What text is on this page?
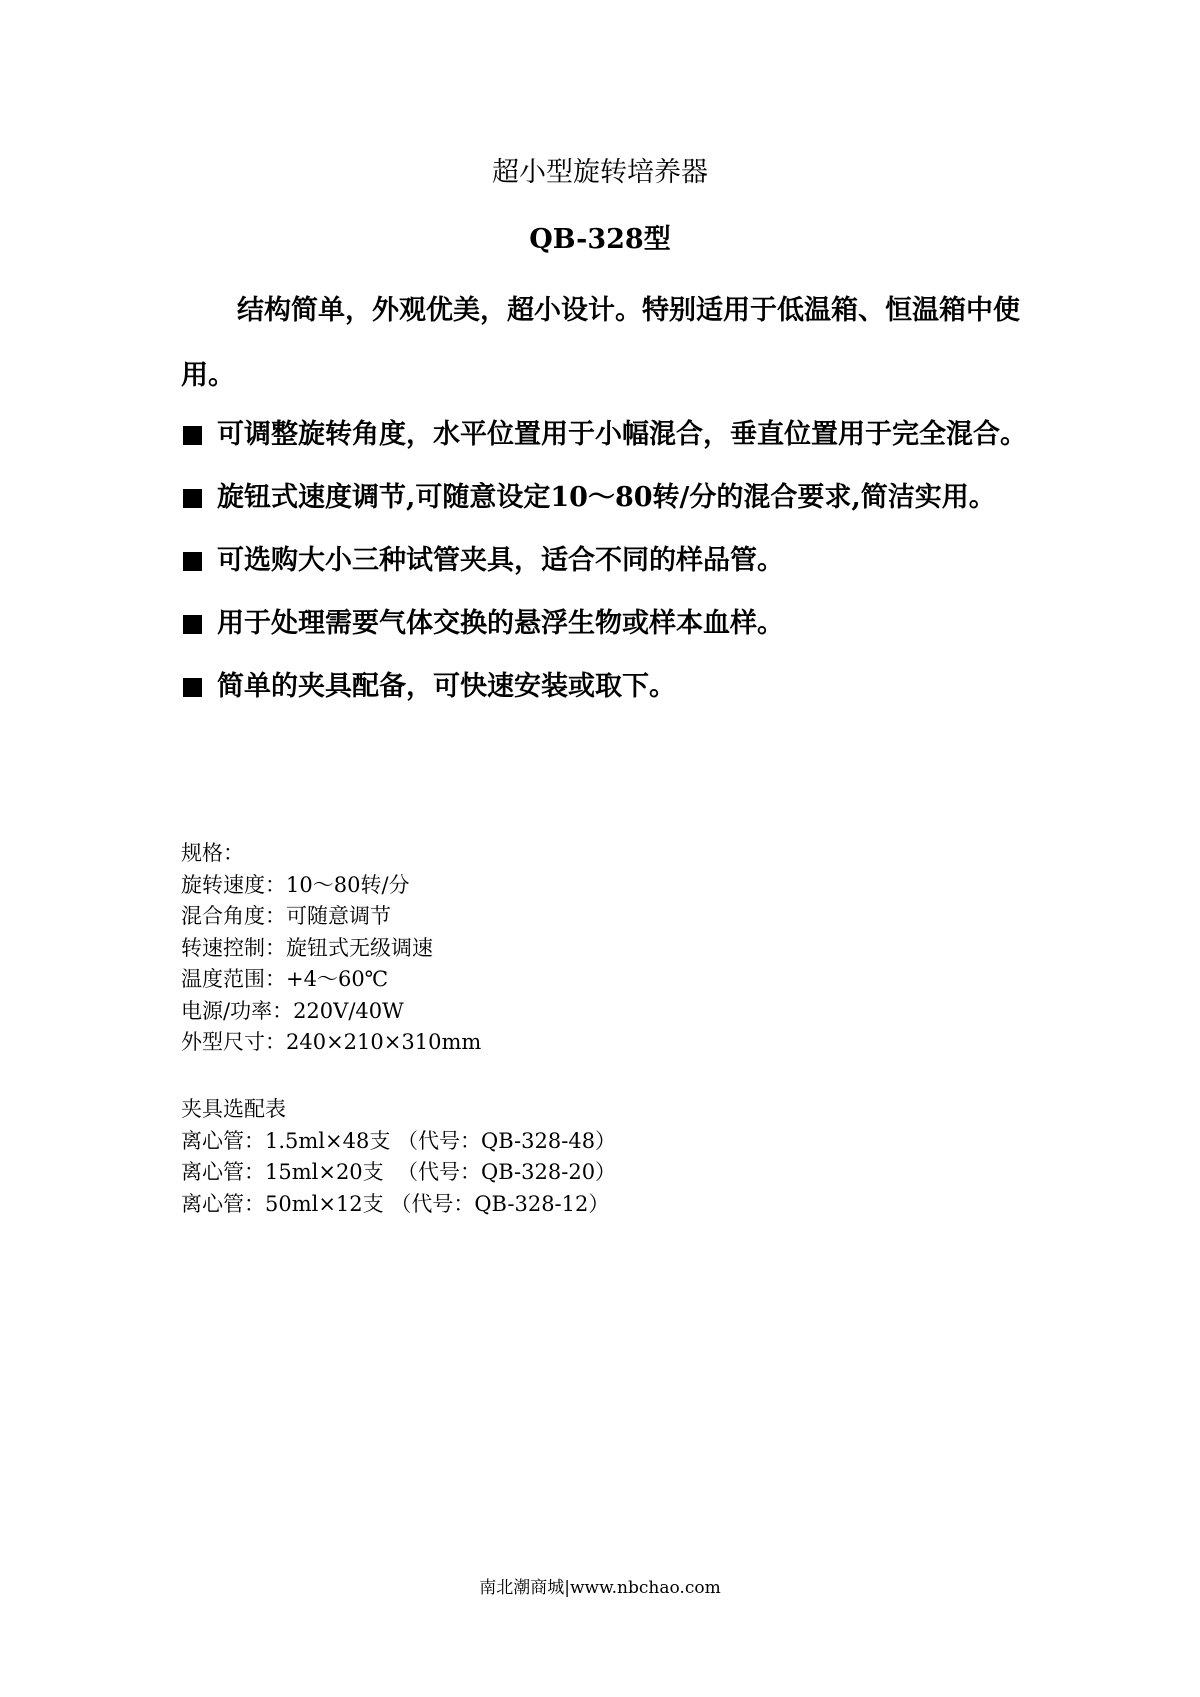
超小型旋转培养器
QB-328型
结构简单，外观优美，超小设计。特别适用于低温箱、恒温箱中使用。
可调整旋转角度，水平位置用于小幅混合，垂直位置用于完全混合。
旋钮式速度调节,可随意设定10～80转/分的混合要求,简洁实用。
可选购大小三种试管夹具，适合不同的样品管。
用于处理需要气体交换的悬浮生物或样本血样。
简单的夹具配备，可快速安装或取下。
规格：
旋转速度：10～80转/分
混合角度：可随意调节
转速控制：旋钮式无级调速
温度范围：+4～60℃
电源/功率：220V/40W
外型尺寸：240×210×310mm
夹具选配表
离心管：1.5ml×48支 （代号：QB-328-48）
离心管：15ml×20支  （代号：QB-328-20）
离心管：50ml×12支 （代号：QB-328-12）
南北潮商城|www.nbchao.com
